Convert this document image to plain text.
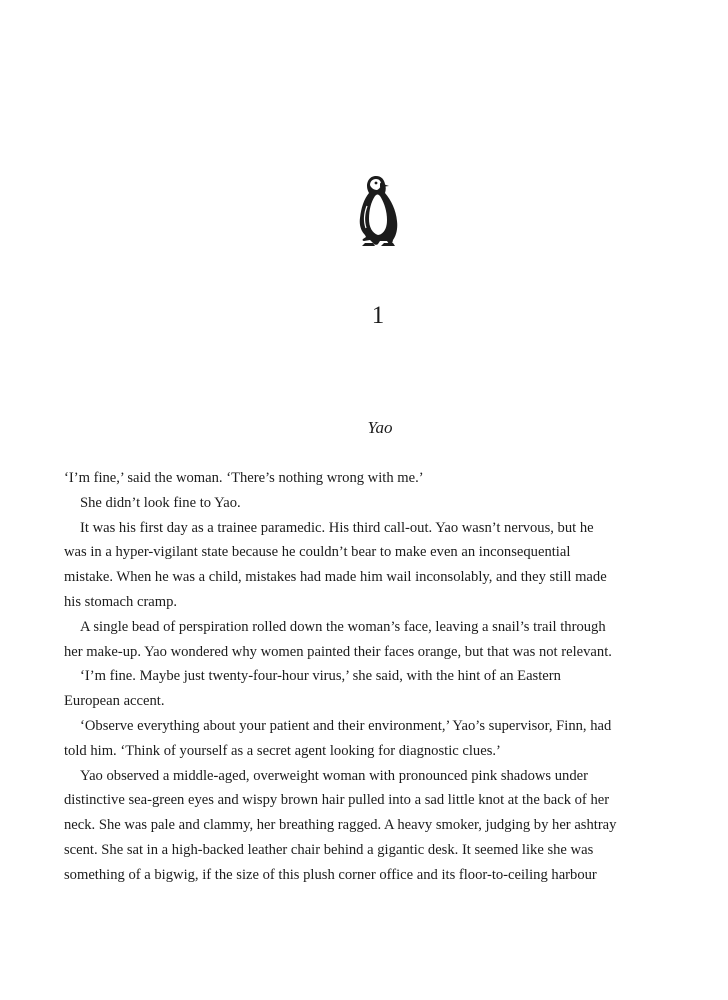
1
Yao
‘I’m fine,’ said the woman. ‘There’s nothing wrong with me.’
She didn’t look fine to Yao.
It was his first day as a trainee paramedic. His third call-out. Yao wasn’t nervous, but he
was in a hyper-vigilant state because he couldn’t bear to make even an inconsequential
mistake. When he was a child, mistakes had made him wail inconsolably, and they still made
his stomach cramp.
A single bead of perspiration rolled down the woman’s face, leaving a snail’s trail through
her make-up. Yao wondered why women painted their faces orange, but that was not relevant.
‘I’m fine. Maybe just twenty-four-hour virus,’ she said, with the hint of an Eastern
European accent.
‘Observe everything about your patient and their environment,’ Yao’s supervisor, Finn, had
told him. ‘Think of yourself as a secret agent looking for diagnostic clues.’
Yao observed a middle-aged, overweight woman with pronounced pink shadows under
distinctive sea-green eyes and wispy brown hair pulled into a sad little knot at the back of her
neck. She was pale and clammy, her breathing ragged. A heavy smoker, judging by her ashtray
scent. She sat in a high-backed leather chair behind a gigantic desk. It seemed like she was
something of a bigwig, if the size of this plush corner office and its floor-to-ceiling harbour
